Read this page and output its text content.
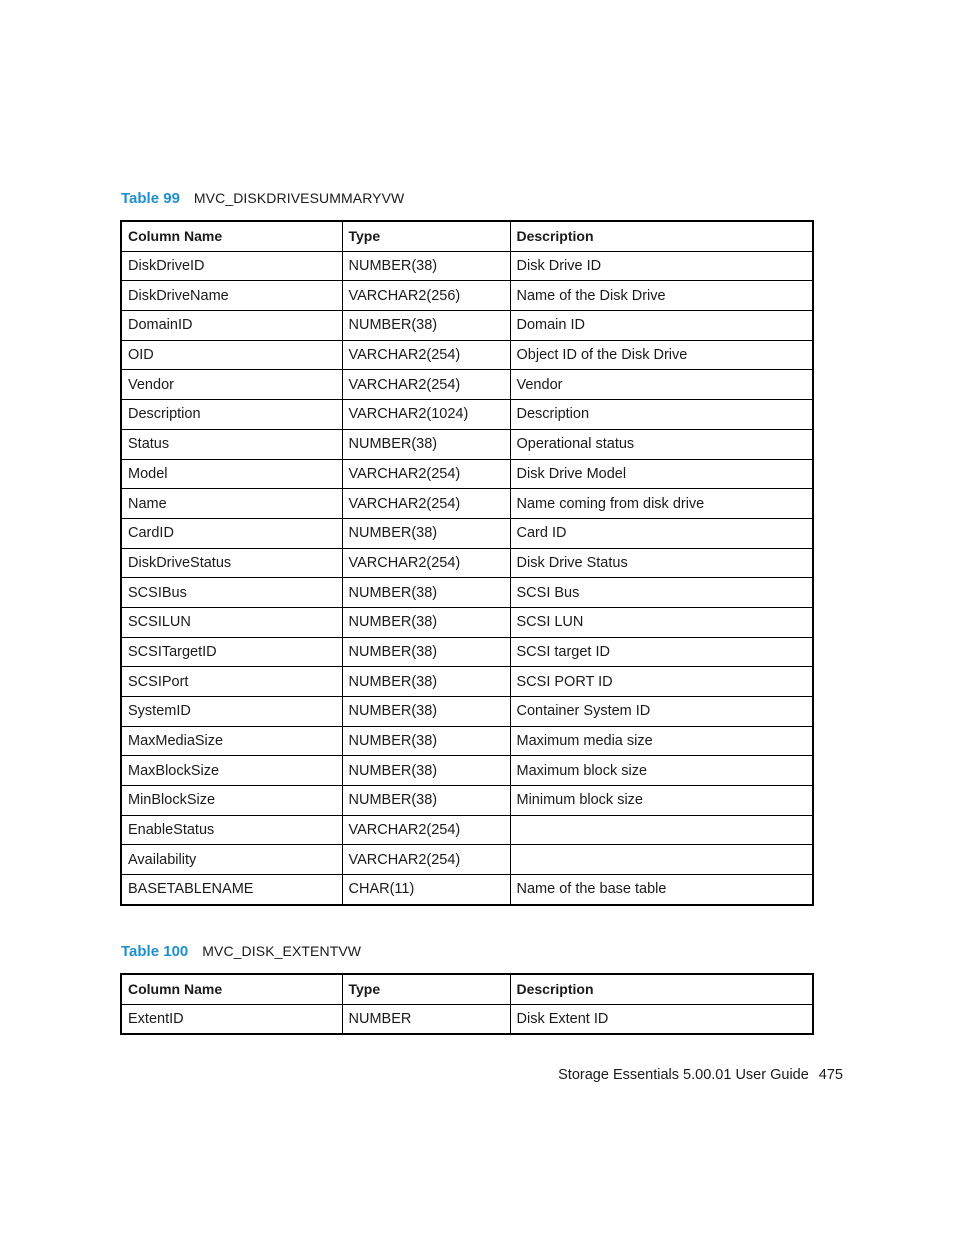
Table 99 MVC_DISKDRIVESUMMARYVW
Column Name	Type	Description
DiskDriveID	NUMBER(38)	Disk Drive ID
DiskDriveName	VARCHAR2(256)	Name of the Disk Drive
DomainID	NUMBER(38)	Domain ID
OID	VARCHAR2(254)	Object ID of the Disk Drive
Vendor	VARCHAR2(254)	Vendor
Description	VARCHAR2(1024)	Description
Status	NUMBER(38)	Operational status
Model	VARCHAR2(254)	Disk Drive Model
Name	VARCHAR2(254)	Name coming from disk drive
CardID	NUMBER(38)	Card ID
DiskDriveStatus	VARCHAR2(254)	Disk Drive Status
SCSIBus	NUMBER(38)	SCSI Bus
SCSILUN	NUMBER(38)	SCSI LUN
SCSITargetID	NUMBER(38)	SCSI target ID
SCSIPort	NUMBER(38)	SCSI PORT ID
SystemID	NUMBER(38)	Container System ID
MaxMediaSize	NUMBER(38)	Maximum media size
MaxBlockSize	NUMBER(38)	Maximum block size
MinBlockSize	NUMBER(38)	Minimum block size
EnableStatus	VARCHAR2(254)	
Availability	VARCHAR2(254)	
BASETABLENAME	CHAR(11)	Name of the base table
Table 100 MVC_DISK_EXTENTVW
Column Name	Type	Description
ExtentID	NUMBER	Disk Extent ID
Storage Essentials 5.00.01 User Guide 475
